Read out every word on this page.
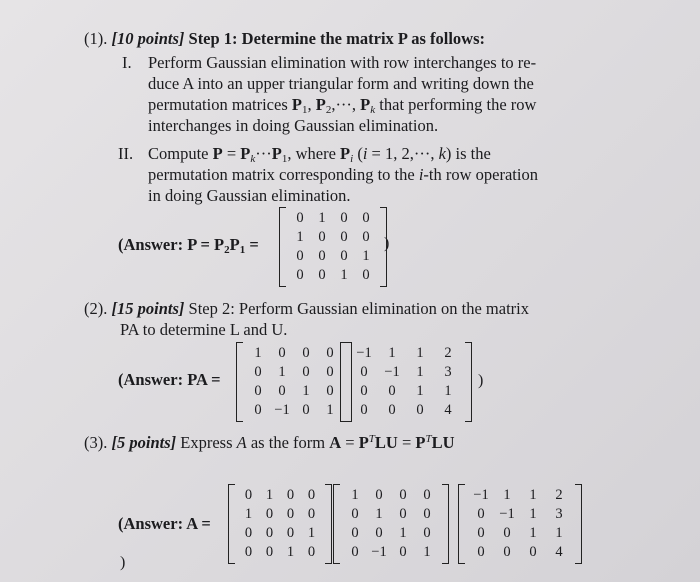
(1). [10 points] Step 1: Determine the matrix P as follows:
I. Perform Gaussian elimination with row interchanges to re-
duce A into an upper triangular form and writing down the
permutation matrices $P_1$, $P_2,\cdot\cdot\cdot$, $P_k$ that performing the row
interchanges in doing Gaussian elimination.
II. Compute $P = P_k\cdot\cdot\cdot P_1$, where $P_i$ (i = 1, 2,···, k) is the
permutation matrix corresponding to the i-th row operation
in doing Gaussian elimination.
(Answer: $P = P_2P_1$ =
0	1	0	0
1	0	0	0
0	0	0	1
0	0	1	0
)
(2). [15 points] Step 2: Perform Gaussian elimination on the matrix
PA to determine L and U.
(Answer: PA =
1	0	0	0
0	1	0	0
0	0	1	0
0 −1 0	1
−1	1	1	2
0	−1	1	3
0	0	1	1
0	0	0	4
)
(3). [5 points] Express A as the form $A = P^TLU = P^TLU$
(Answer: A =
0 1 0 0
1 0 0 0
0 0 0 1
0 0 1 0
1	0	0	0
0	1	0	0
0	0	1	0
0 −1 0	1
−1	1	1	2
0	−1	1	3
0	0	1	1
0	0	0	4
)
